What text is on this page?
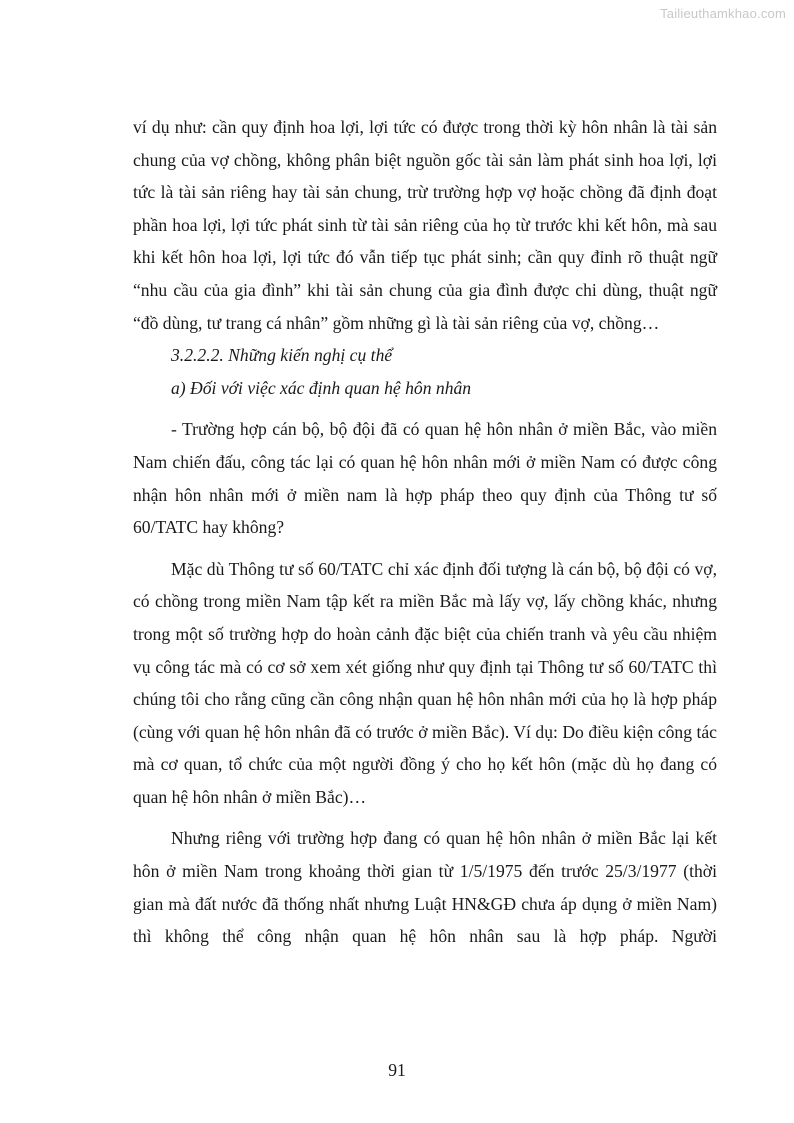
Tailieuthamkhao.com

ví dụ như: cần quy định hoa lợi, lợi tức có được trong thời kỳ hôn nhân là tài sản chung của vợ chồng, không phân biệt nguồn gốc tài sản làm phát sinh hoa lợi, lợi tức là tài sản riêng hay tài sản chung, trừ trường hợp vợ hoặc chồng đã định đoạt phần hoa lợi, lợi tức phát sinh từ tài sản riêng của họ từ trước khi kết hôn, mà sau khi kết hôn hoa lợi, lợi tức đó vẫn tiếp tục phát sinh; cần quy đỉnh rõ thuật ngữ “nhu cầu của gia đình” khi tài sản chung của gia đình được chi dùng, thuật ngữ “đồ dùng, tư trang cá nhân” gồm những gì là tài sản riêng của vợ, chồng…

3.2.2.2. Những kiến nghị cụ thể

a) Đối với việc xác định quan hệ hôn nhân

- Trường hợp cán bộ, bộ đội đã có quan hệ hôn nhân ở miền Bắc, vào miền Nam chiến đấu, công tác lại có quan hệ hôn nhân mới ở miền Nam có được công nhận hôn nhân mới ở miền nam là hợp pháp theo quy định của Thông tư số 60/TATC hay không?

Mặc dù Thông tư số 60/TATC chỉ xác định đối tượng là cán bộ, bộ đội có vợ, có chồng trong miền Nam tập kết ra miền Bắc mà lấy vợ, lấy chồng khác, nhưng trong một số trường hợp do hoàn cảnh đặc biệt của chiến tranh và yêu cầu nhiệm vụ công tác mà có cơ sở xem xét giống như quy định tại Thông tư số 60/TATC thì chúng tôi cho rằng cũng cần công nhận quan hệ hôn nhân mới của họ là hợp pháp (cùng với quan hệ hôn nhân đã có trước ở miền Bắc). Ví dụ: Do điều kiện công tác mà cơ quan, tổ chức của một người đồng ý cho họ kết hôn (mặc dù họ đang có quan hệ hôn nhân ở miền Bắc)…

Nhưng riêng với trường hợp đang có quan hệ hôn nhân ở miền Bắc lại kết hôn ở miền Nam trong khoảng thời gian từ 1/5/1975 đến trước 25/3/1977 (thời gian mà đất nước đã thống nhất nhưng Luật HN&GĐ chưa áp dụng ở miền Nam) thì không thể công nhận quan hệ hôn nhân sau là hợp pháp. Người

91
